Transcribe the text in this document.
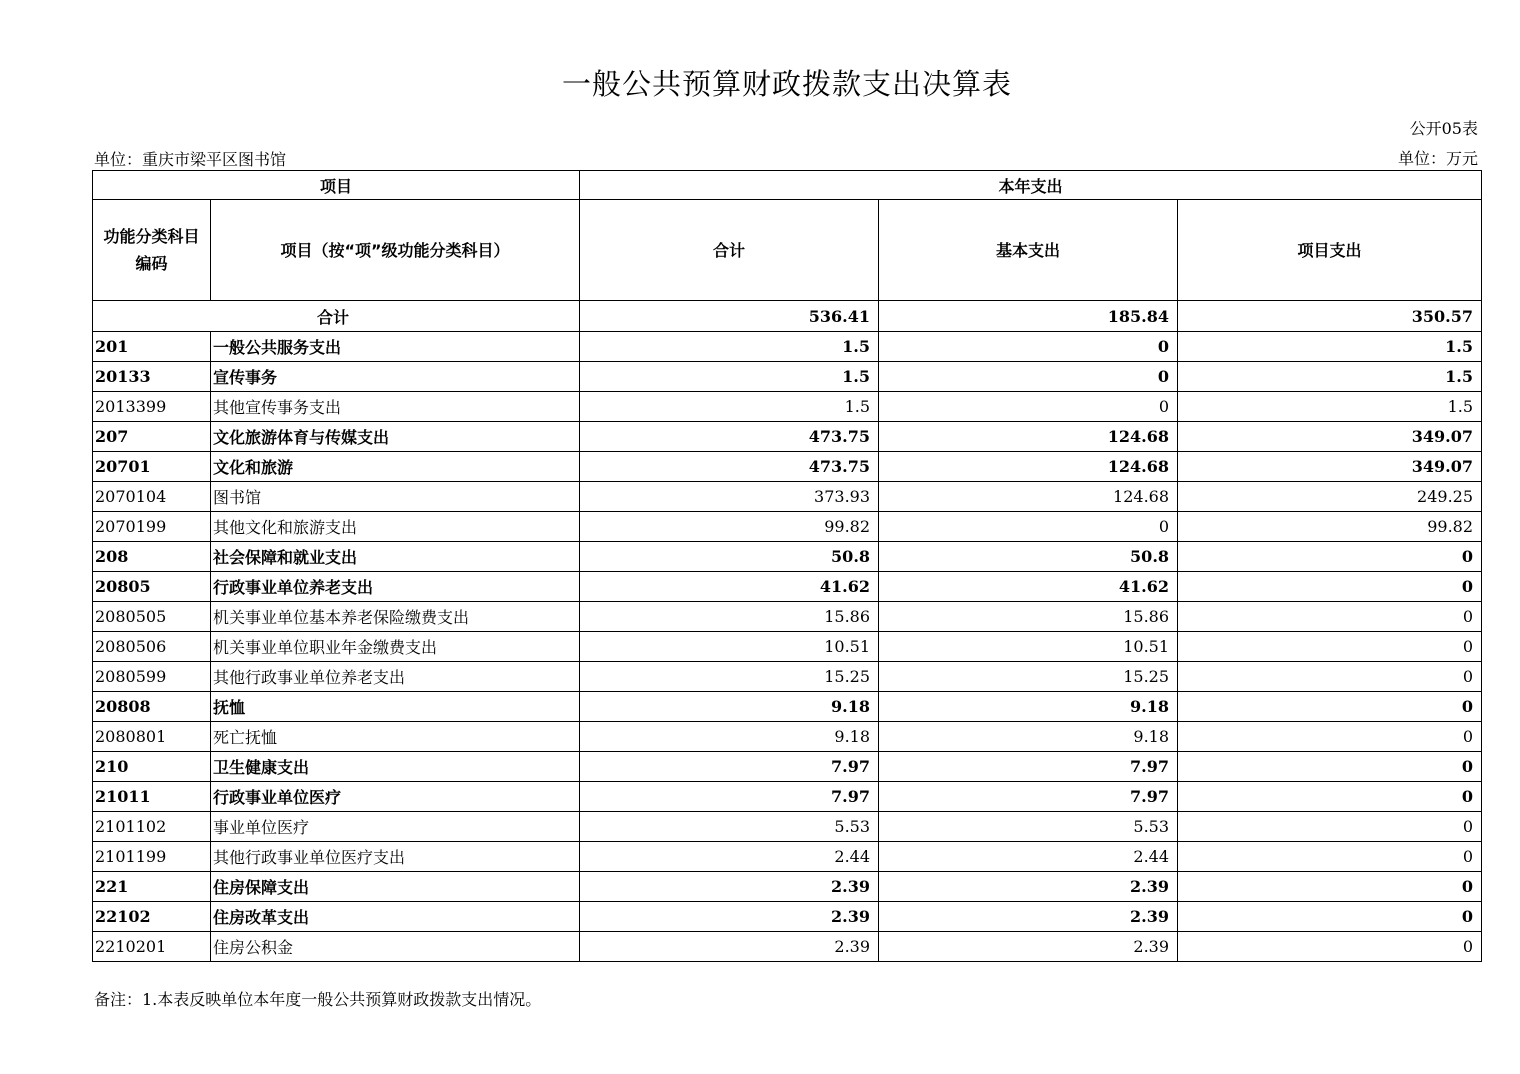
一般公共预算财政拨款支出决算表
公开05表
单位：重庆市梁平区图书馆	单位：万元
项目		本年支出		
功能分类科目编码	项目（按“项”级功能分类科目）	合计	基本支出	项目支出
合计		536.41	185.84	350.57
201	一般公共服务支出	1.5	0	1.5
20133	宣传事务	1.5	0	1.5
2013399	其他宣传事务支出	1.5	0	1.5
207	文化旅游体育与传媒支出	473.75	124.68	349.07
20701	文化和旅游	473.75	124.68	349.07
2070104	图书馆	373.93	124.68	249.25
2070199	其他文化和旅游支出	99.82	0	99.82
208	社会保障和就业支出	50.8	50.8	0
20805	行政事业单位养老支出	41.62	41.62	0
2080505	机关事业单位基本养老保险缴费支出	15.86	15.86	0
2080506	机关事业单位职业年金缴费支出	10.51	10.51	0
2080599	其他行政事业单位养老支出	15.25	15.25	0
20808	抚恤	9.18	9.18	0
2080801	死亡抚恤	9.18	9.18	0
210	卫生健康支出	7.97	7.97	0
21011	行政事业单位医疗	7.97	7.97	0
2101102	事业单位医疗	5.53	5.53	0
2101199	其他行政事业单位医疗支出	2.44	2.44	0
221	住房保障支出	2.39	2.39	0
22102	住房改革支出	2.39	2.39	0
2210201	住房公积金	2.39	2.39	0
备注：1.本表反映单位本年度一般公共预算财政拨款支出情况。
